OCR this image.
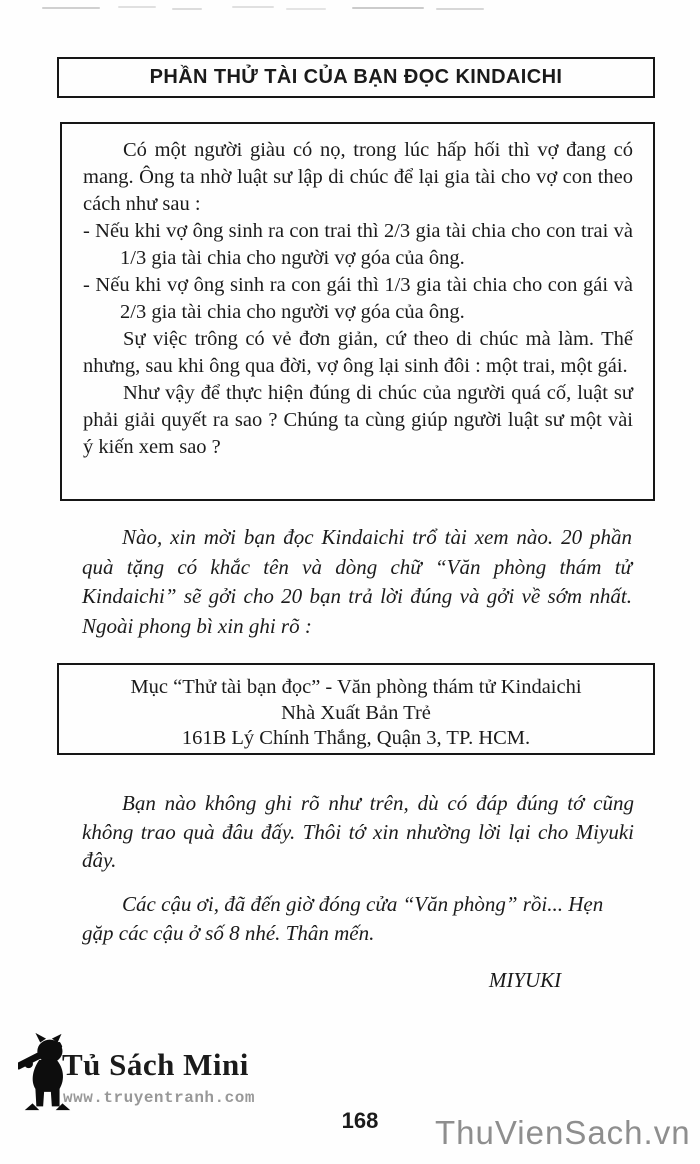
PHẦN THỬ TÀI CỦA BẠN ĐỌC KINDAICHI

Có một người giàu có nọ, trong lúc hấp hối thì vợ đang có mang. Ông ta nhờ luật sư lập di chúc để lại gia tài cho vợ con theo cách như sau :

- Nếu khi vợ ông sinh ra con trai thì 2/3 gia tài chia cho con trai và 1/3 gia tài chia cho người vợ góa của ông.

- Nếu khi vợ ông sinh ra con gái thì 1/3 gia tài chia cho con gái và 2/3 gia tài chia cho người vợ góa của ông.

Sự việc trông có vẻ đơn giản, cứ theo di chúc mà làm. Thế nhưng, sau khi ông qua đời, vợ ông lại sinh đôi : một trai, một gái.

Như vậy để thực hiện đúng di chúc của người quá cố, luật sư phải giải quyết ra sao ? Chúng ta cùng giúp người luật sư một vài ý kiến xem sao ?

Nào, xin mời bạn đọc Kindaichi trổ tài xem nào. 20 phần quà tặng có khắc tên và dòng chữ “Văn phòng thám tử Kindaichi” sẽ gởi cho 20 bạn trả lời đúng và gởi về sớm nhất. Ngoài phong bì xin ghi rõ :

Mục “Thử tài bạn đọc” - Văn phòng thám tử Kindaichi
Nhà Xuất Bản Trẻ
161B Lý Chính Thắng, Quận 3, TP. HCM.

Bạn nào không ghi rõ như trên, dù có đáp đúng tớ cũng không trao quà đâu đấy. Thôi tớ xin nhường lời lại cho Miyuki đây.

Các cậu ơi, đã đến giờ đóng cửa “Văn phòng” rồi... Hẹn gặp các cậu ở số 8 nhé. Thân mến.

MIYUKI
Tủ Sách Mini
www.truyentranh.com
168	ThuVienSach.vn
